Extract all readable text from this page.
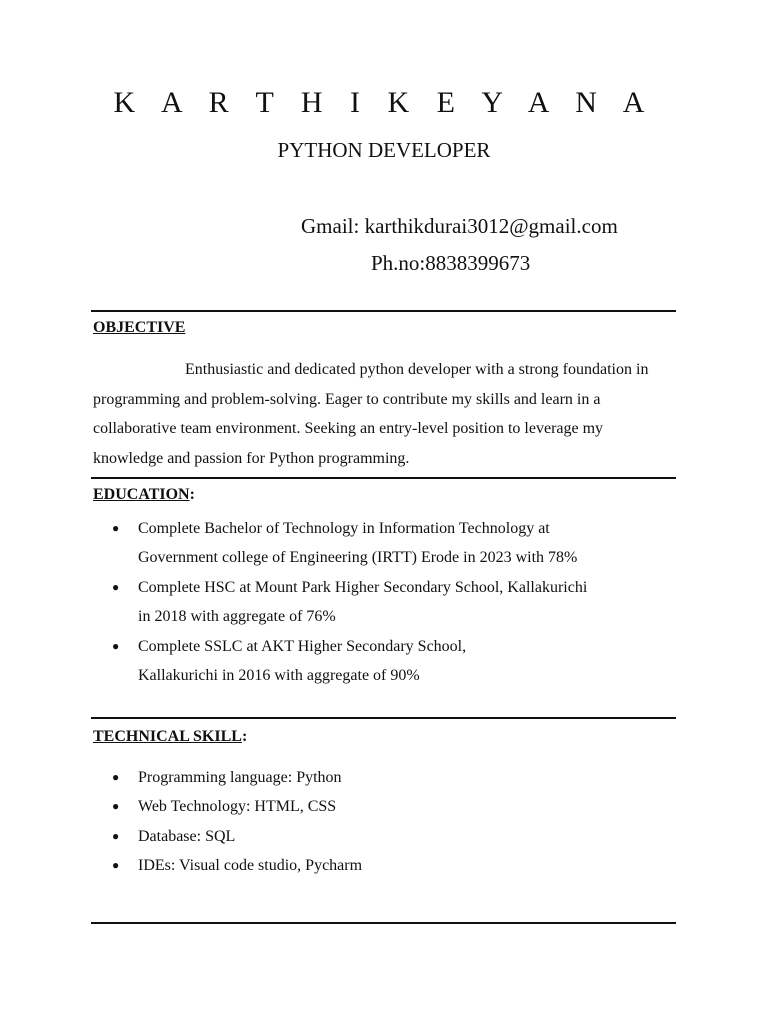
K A R T H I K E Y A N A
PYTHON DEVELOPER
Gmail: karthikdurai3012@gmail.com
Ph.no:8838399673
OBJECTIVE
Enthusiastic and dedicated python developer with a strong foundation in programming and problem-solving. Eager to contribute my skills and learn in a collaborative team environment. Seeking an entry-level position to leverage my knowledge and passion for Python programming.
EDUCATION:
● Complete Bachelor of Technology in Information Technology at
Government college of Engineering (IRTT) Erode in 2023 with 78%
● Complete HSC at Mount Park Higher Secondary School, Kallakurichi
in 2018 with aggregate of 76%
● Complete SSLC at AKT Higher Secondary School,
Kallakurichi in 2016 with aggregate of 90%
TECHNICAL SKILL:
● Programming language: Python
● Web Technology: HTML, CSS
● Database: SQL
● IDEs: Visual code studio, Pycharm
